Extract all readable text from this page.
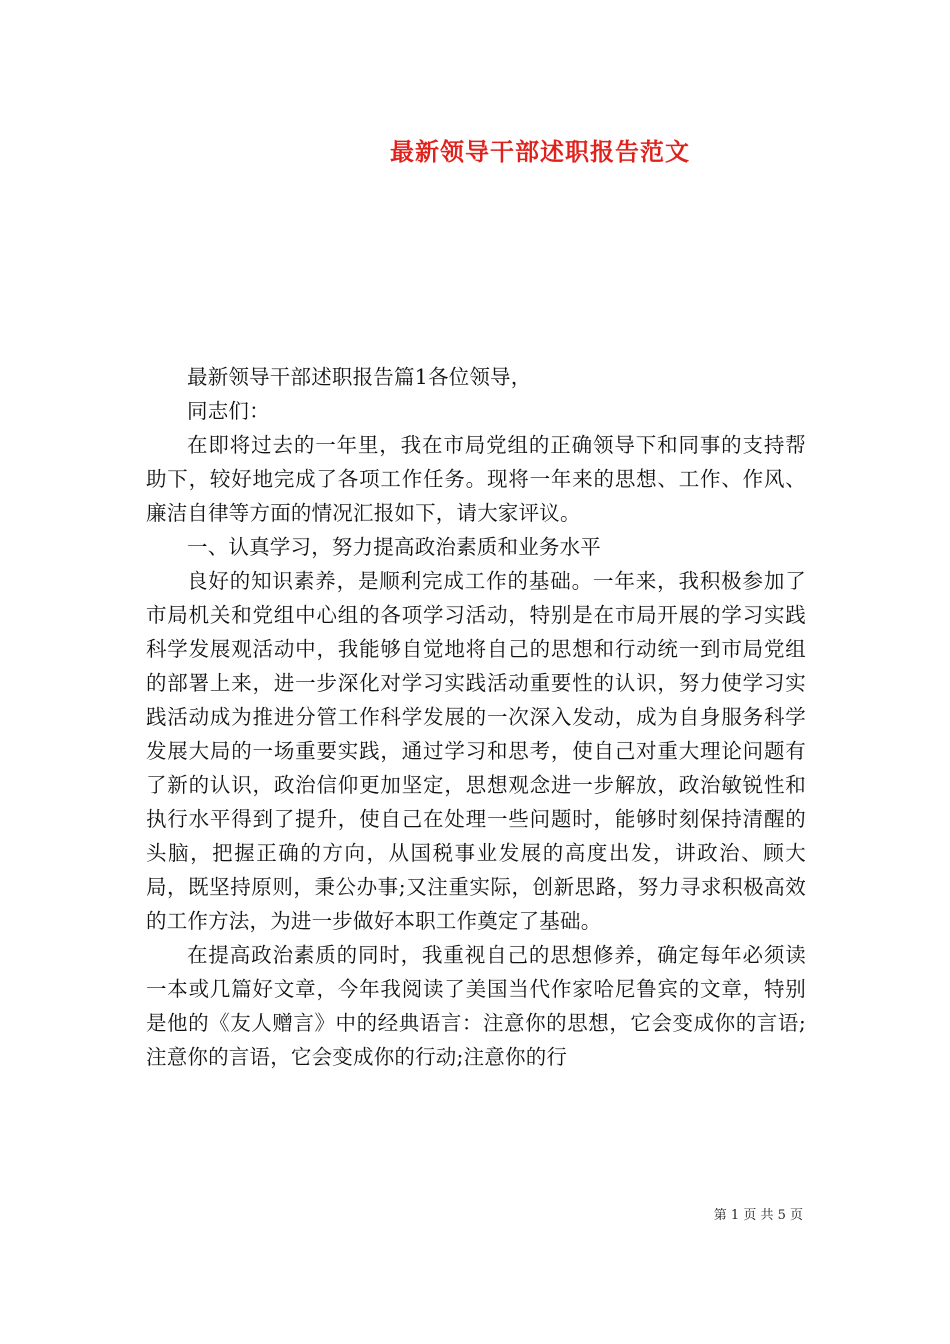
最新领导干部述职报告范文

最新领导干部述职报告篇1各位领导，

同志们：

在即将过去的一年里，我在市局党组的正确领导下和同事的支持帮助下，较好地完成了各项工作任务。现将一年来的思想、工作、作风、廉洁自律等方面的情况汇报如下，请大家评议。

一、认真学习，努力提高政治素质和业务水平

良好的知识素养，是顺利完成工作的基础。一年来，我积极参加了市局机关和党组中心组的各项学习活动，特别是在市局开展的学习实践科学发展观活动中，我能够自觉地将自己的思想和行动统一到市局党组的部署上来，进一步深化对学习实践活动重要性的认识，努力使学习实践活动成为推进分管工作科学发展的一次深入发动，成为自身服务科学发展大局的一场重要实践，通过学习和思考，使自己对重大理论问题有了新的认识，政治信仰更加坚定，思想观念进一步解放，政治敏锐性和执行水平得到了提升，使自己在处理一些问题时，能够时刻保持清醒的头脑，把握正确的方向，从国税事业发展的高度出发，讲政治、顾大局，既坚持原则，秉公办事;又注重实际，创新思路，努力寻求积极高效的工作方法，为进一步做好本职工作奠定了基础。

在提高政治素质的同时，我重视自己的思想修养，确定每年必须读一本或几篇好文章，今年我阅读了美国当代作家哈尼鲁宾的文章，特别是他的《友人赠言》中的经典语言：注意你的思想，它会变成你的言语;注意你的言语，它会变成你的行动;注意你的行

第 1 页 共 5 页
